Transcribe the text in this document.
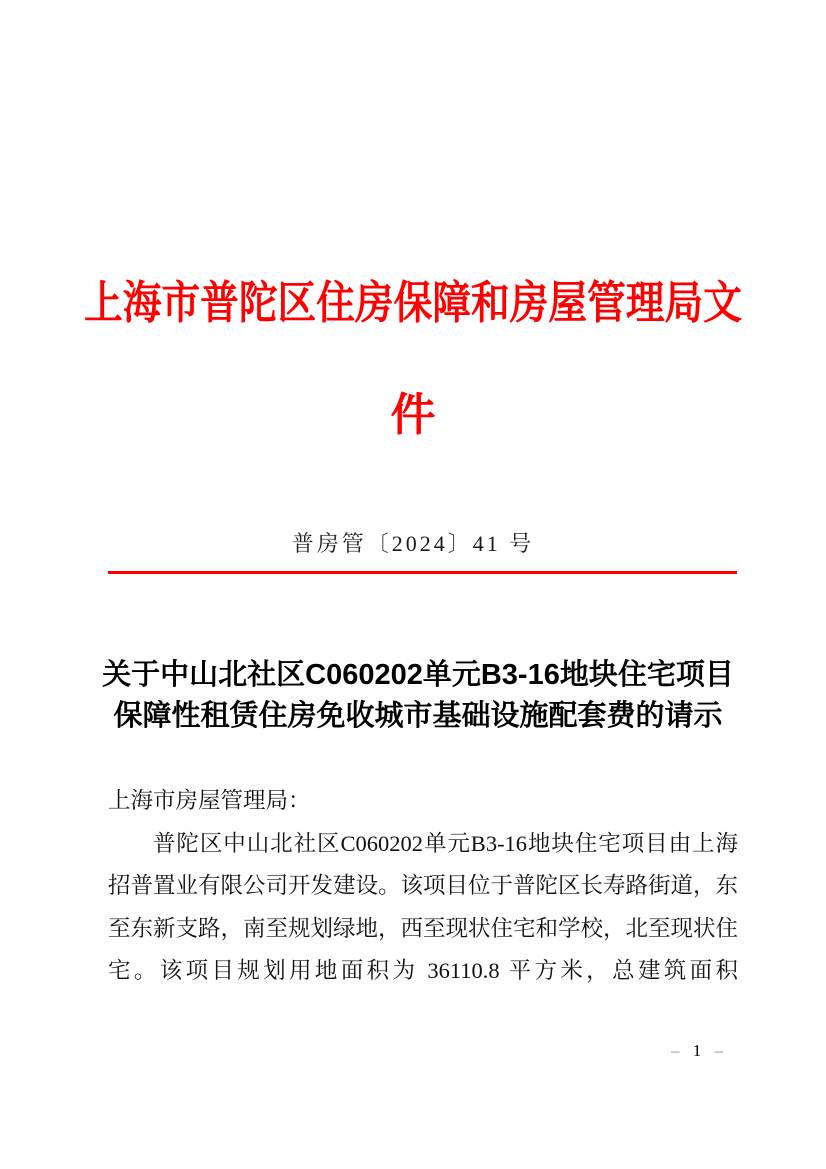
上海市普陀区住房保障和房屋管理局文
件
普房管〔2024〕41 号
关于中山北社区C060202单元B3-16地块住宅项目
保障性租赁住房免收城市基础设施配套费的请示
上海市房屋管理局：
普陀区中山北社区C060202单元B3-16地块住宅项目由上海
招普置业有限公司开发建设。该项目位于普陀区长寿路街道，东
至东新支路，南至规划绿地，西至现状住宅和学校，北至现状住
宅。该项目规划用地面积为 36110.8 平方米，总建筑面积
– 1 –
